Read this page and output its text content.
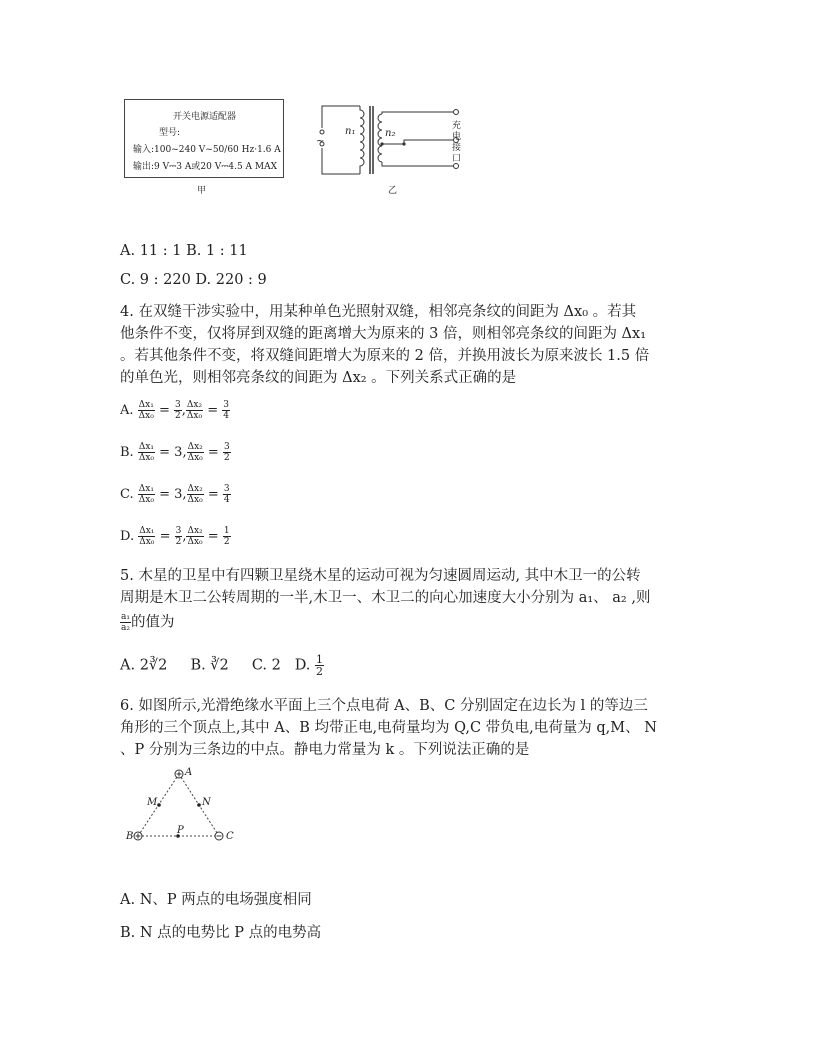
开关电源适配器
型号:
输入:100~240 V~50/60 Hz·1.6 A
输出:9 V⎓3 A或20 V⎓4.5 A MAX
甲
n₁	n₂
~
充
电
接
口
乙
A. 11 : 1 B. 1 : 11
C. 9 : 220 D. 220 : 9
4. 在双缝干涉实验中，用某种单色光照射双缝，相邻亮条纹的间距为 Δx₀ 。若其
他条件不变，仅将屏到双缝的距离增大为原来的 3 倍，则相邻亮条纹的间距为 Δx₁
。若其他条件不变，将双缝间距增大为原来的 2 倍，并换用波长为原来波长 1.5 倍
的单色光，则相邻亮条纹的间距为 Δx₂ 。下列关系式正确的是
A. $\frac{\text{Δx₁}}{\text{Δx₀}} = \frac{3}{2}$ , $\frac{\text{Δx₂}}{\text{Δx₀}} = \frac{3}{4}$
B. $\frac{\text{Δx₁}}{\text{Δx₀}} = 3$, $\frac{\text{Δx₂}}{\text{Δx₀}} = \frac{3}{2}$
C. $\frac{\text{Δx₁}}{\text{Δx₀}} = 3$, $\frac{\text{Δx₂}}{\text{Δx₀}} = \frac{3}{4}$
D. $\frac{\text{Δx₁}}{\text{Δx₀}} = \frac{3}{2}$ , $\frac{\text{Δx₂}}{\text{Δx₀}} = \frac{1}{2}$
5. 木星的卫星中有四颗卫星绕木星的运动可视为匀速圆周运动, 其中木卫一的公转
周期是木卫二公转周期的一半,木卫一、木卫二的向心加速度大小分别为 a₁、 a₂ ,则
$\frac{\text{a₁}}{\text{a₂}}$ 的值为
A. 2∛2 B. ∛2 C. 2 D. $\frac{1}{2}$
6. 如图所示,光滑绝缘水平面上三个点电荷 A、B、C 分别固定在边长为 l 的等边三
角形的三个顶点上,其中 A、B 均带正电,电荷量均为 Q,C 带负电,电荷量为 q,M、 N
、P 分别为三条边的中点。静电力常量为 k 。下列说法正确的是
A
M	N
P
B	C
A. N、P 两点的电场强度相同
B. N 点的电势比 P 点的电势高
